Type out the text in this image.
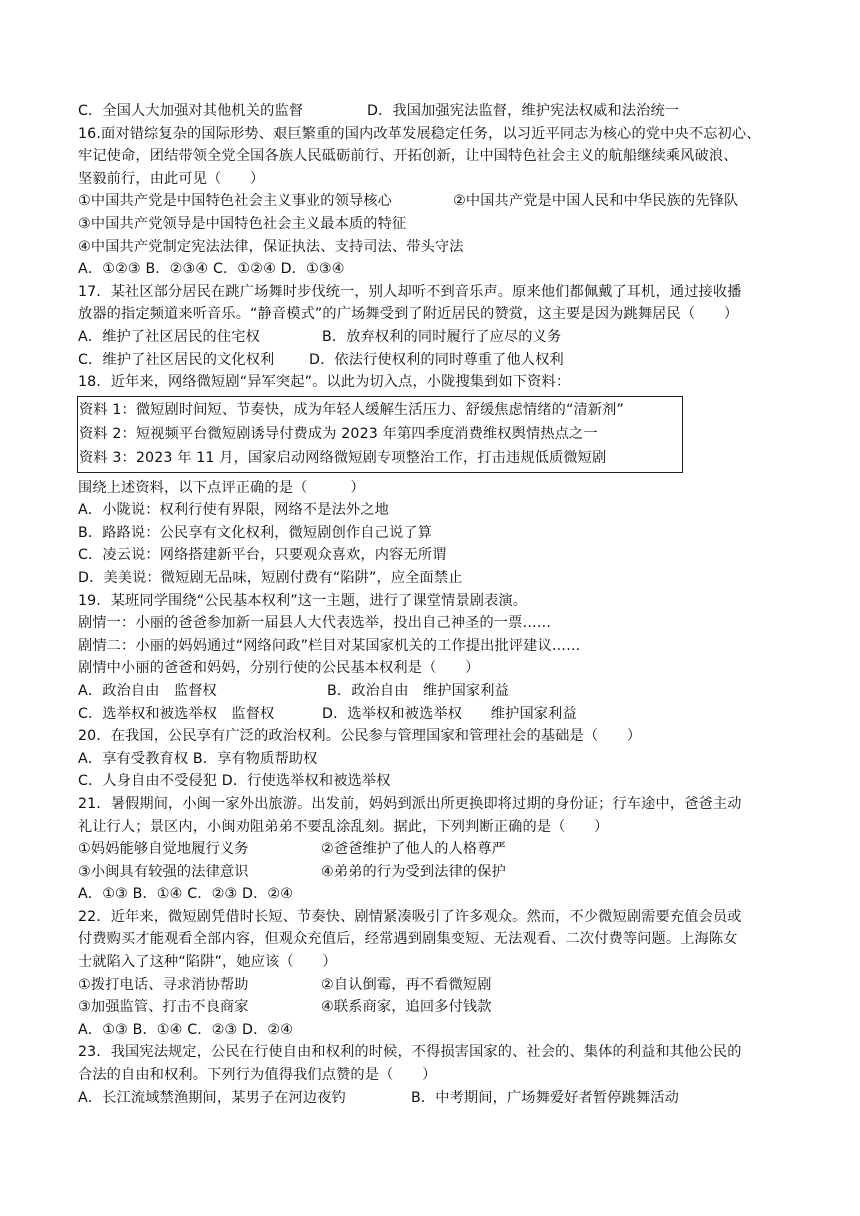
C．全国人大加强对其他机关的监督	D．我国加强宪法监督，维护宪法权威和法治统一
16.面对错综复杂的国际形势、艰巨繁重的国内改革发展稳定任务，以习近平同志为核心的党中央不忘初心、
牢记使命，团结带领全党全国各族人民砥砺前行、开拓创新，让中国特色社会主义的航船继续乘风破浪、
坚毅前行，由此可见（　　）
①中国共产党是中国特色社会主义事业的领导核心	②中国共产党是中国人民和中华民族的先锋队
③中国共产党领导是中国特色社会主义最本质的特征
④中国共产党制定宪法法律，保证执法、支持司法、带头守法
A．①②③ B．②③④ C．①②④ D．①③④
17．某社区部分居民在跳广场舞时步伐统一，别人却听不到音乐声。原来他们都佩戴了耳机，通过接收播
放器的指定频道来听音乐。“静音模式”的广场舞受到了附近居民的赞赏，这主要是因为跳舞居民（　　）
A．维护了社区居民的住宅权	B．放弃权利的同时履行了应尽的义务
C．维护了社区居民的文化权利	D．依法行使权利的同时尊重了他人权利
18．近年来，网络微短剧“异军突起”。以此为切入点，小陇搜集到如下资料：
资料 1：微短剧时间短、节奏快，成为年轻人缓解生活压力、舒缓焦虑情绪的“清新剂”
资料 2：短视频平台微短剧诱导付费成为 2023 年第四季度消费维权舆情热点之一
资料 3：2023 年 11 月，国家启动网络微短剧专项整治工作，打击违规低质微短剧
围绕上述资料，以下点评正确的是（　　　）
A．小陇说：权利行使有界限，网络不是法外之地
B．路路说：公民享有文化权利，微短剧创作自己说了算
C．凌云说：网络搭建新平台，只要观众喜欢，内容无所谓
D．美美说：微短剧无品味，短剧付费有“陷阱”，应全面禁止
19．某班同学围绕“公民基本权利”这一主题，进行了课堂情景剧表演。
剧情一：小丽的爸爸参加新一届县人大代表选举，投出自己神圣的一票……
剧情二：小丽的妈妈通过“网络问政”栏目对某国家机关的工作提出批评建议……
剧情中小丽的爸爸和妈妈，分别行使的公民基本权利是（　　）
A．政治自由　监督权	B．政治自由　维护国家利益
C．选举权和被选举权　监督权	D．选举权和被选举权　　维护国家利益
20．在我国，公民享有广泛的政治权利。公民参与管理国家和管理社会的基础是（　　）
A．享有受教育权 B．享有物质帮助权
C．人身自由不受侵犯 D．行使选举权和被选举权
21．暑假期间，小闽一家外出旅游。出发前，妈妈到派出所更换即将过期的身份证；行车途中，爸爸主动
礼让行人；景区内，小闽劝阻弟弟不要乱涂乱刻。据此，下列判断正确的是（　　）
①妈妈能够自觉地履行义务	②爸爸维护了他人的人格尊严
③小闽具有较强的法律意识	④弟弟的行为受到法律的保护
A．①③ B．①④ C．②③ D．②④
22．近年来，微短剧凭借时长短、节奏快、剧情紧凑吸引了许多观众。然而，不少微短剧需要充值会员或
付费购买才能观看全部内容，但观众充值后，经常遇到剧集变短、无法观看、二次付费等问题。上海陈女
士就陷入了这种“陷阱”，她应该（　　）
①拨打电话、寻求消协帮助	②自认倒霉，再不看微短剧
③加强监管、打击不良商家	④联系商家，追回多付钱款
A．①③ B．①④ C．②③ D．②④
23．我国宪法规定，公民在行使自由和权利的时候，不得损害国家的、社会的、集体的利益和其他公民的
合法的自由和权利。下列行为值得我们点赞的是（　　）
A．长江流域禁渔期间，某男子在河边夜钓	B．中考期间，广场舞爱好者暂停跳舞活动
